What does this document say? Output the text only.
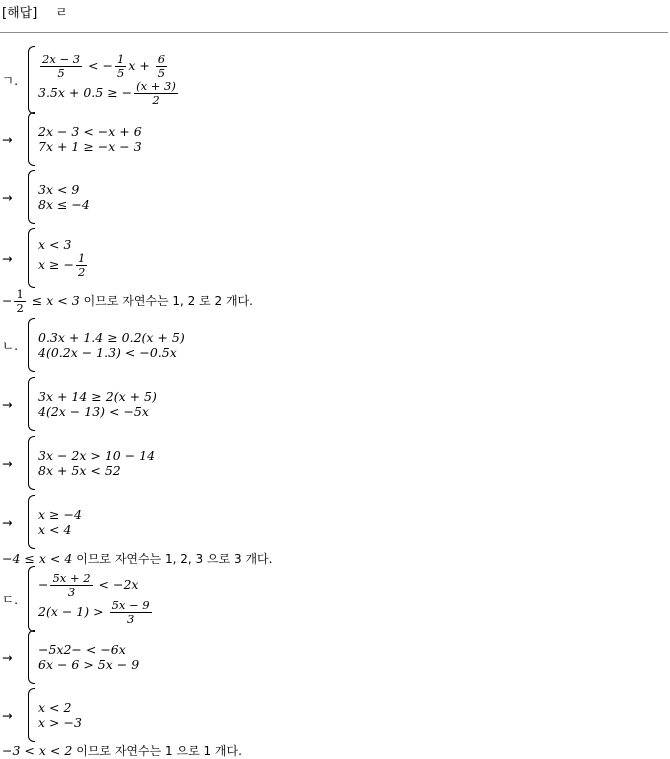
[해답] ㄹ
ㄱ.
$\frac{2x - 3}{5}$ < − $\frac{1}{5}$ $x + \frac{6}{5}$
3.5x + 0.5 ≥ − $\frac{(x + 3)}{2}$
→	2x − 3 < −x + 6
7x + 1 ≥ −x − 3
→	3x < 9
8x ≤ −4
→
x < 3
x ≥ − $\frac{1}{2}$
− $\frac{1}{2} \le x < 3$ 이므로 자연수는 1, 2 로 2 개다.
ㄴ.
0.3x + 1.4 ≥ 0.2(x + 5)
4(0.2x − 1.3) < −0.5x
→	3x + 14 ≥ 2(x + 5)
4(2x − 13) < −5x
→	3x − 2x > 10 − 14
8x + 5x < 52
→	x ≥ −4
x < 4
−4 ≤ x < 4 이므로 자연수는 1, 2, 3 으로 3 개다.
ㄷ.
− $\frac{5x + 2}{3} < -2x$
$2(x - 1) > \frac{5x - 9}{3}$
→	−5x2− < −6x
6x − 6 > 5x − 9
→	x < 2
x > −3
−3 < x < 2 이므로 자연수는 1 으로 1 개다.
